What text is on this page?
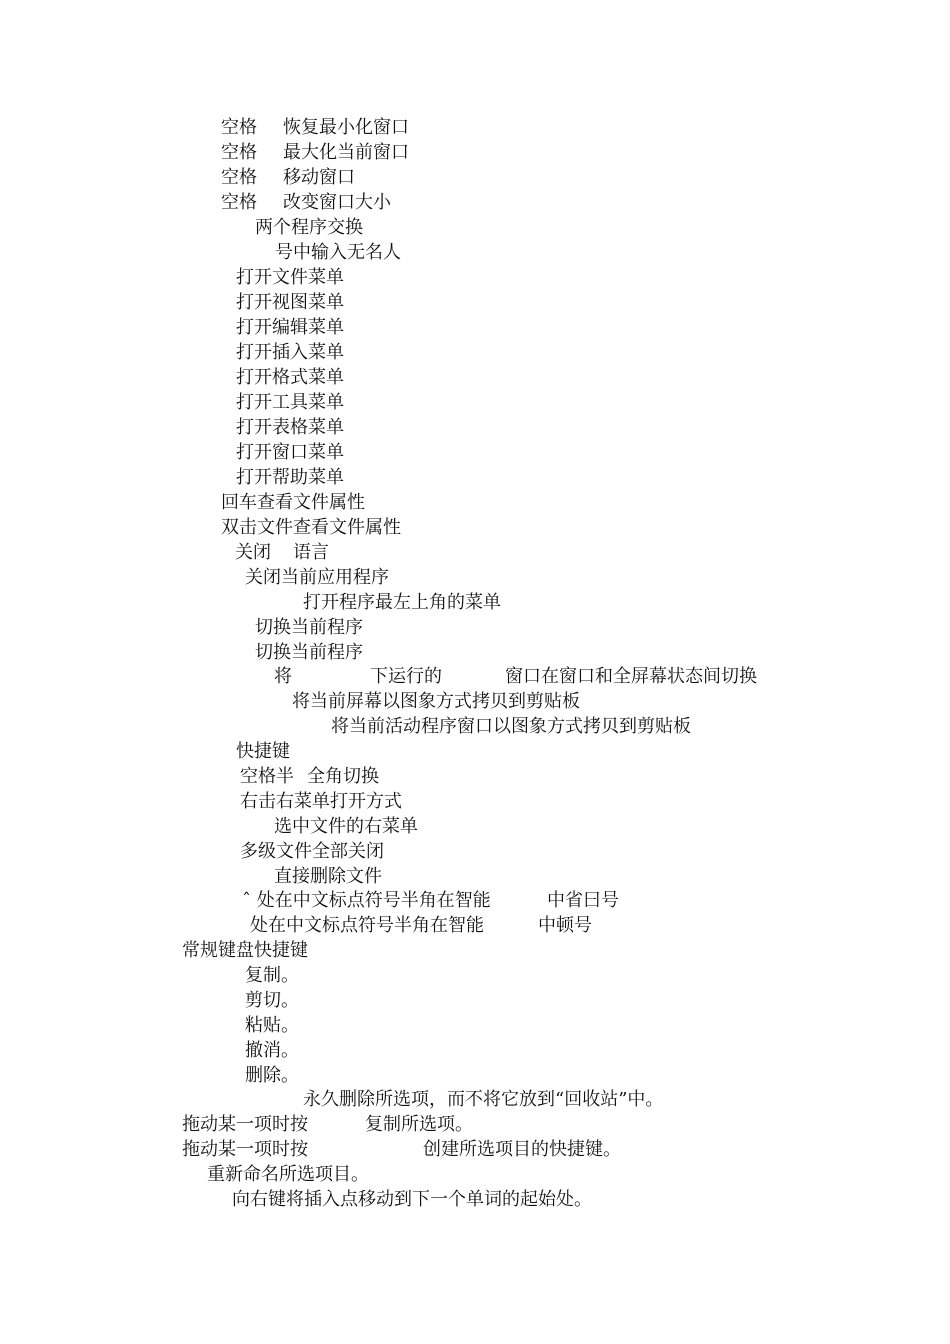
空格 恢复最小化窗口
空格 最大化当前窗口
空格 移动窗口
空格 改变窗口大小
两个程序交换
号中输入无名人
打开文件菜单
打开视图菜单
打开编辑菜单
打开插入菜单
打开格式菜单
打开工具菜单
打开表格菜单
打开窗口菜单
打开帮助菜单
回车查看文件属性
双击文件查看文件属性
关闭 语言
关闭当前应用程序
打开程序最左上角的菜单
切换当前程序
切换当前程序
将	下运行的	窗口在窗口和全屏幕状态间切换
将当前屏幕以图象方式拷贝到剪贴板
将当前活动程序窗口以图象方式拷贝到剪贴板
快捷键
空格半 全角切换
右击右菜单打开方式
选中文件的右菜单
多级文件全部关闭
直接删除文件
ˆ 处在中文标点符号半角在智能	中省曰号
处在中文标点符号半角在智能	中顿号
常规键盘快捷键
复制。
剪切。
粘贴。
撤消。
删除。
永久删除所选项，而不将它放到“回收站”中。
拖动某一项时按	复制所选项。
拖动某一项时按	创建所选项目的快捷键。
重新命名所选项目。
向右键将插入点移动到下一个单词的起始处。
